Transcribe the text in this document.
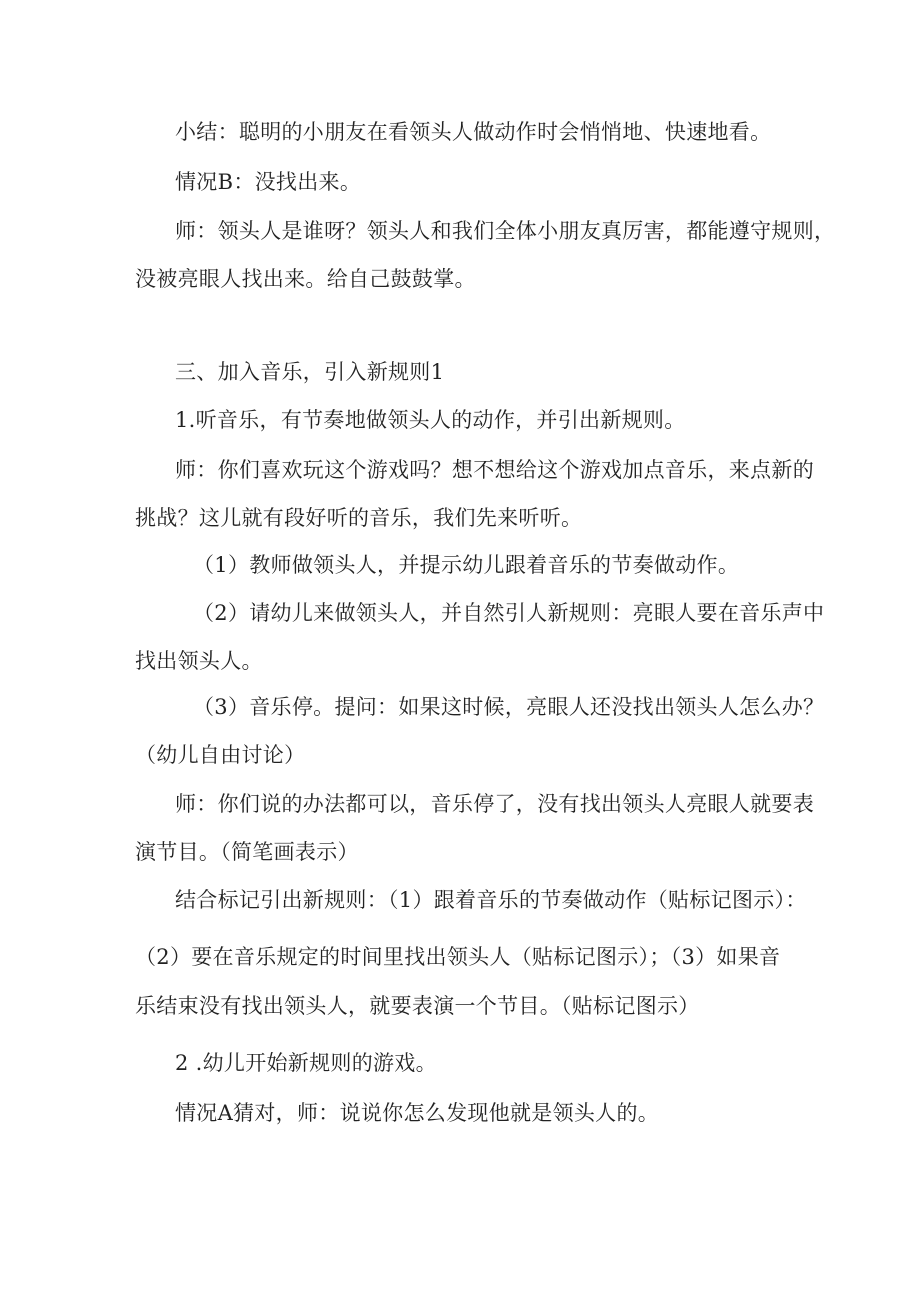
小结：聪明的小朋友在看领头人做动作时会悄悄地、快速地看。
情况B：没找出来。
师：领头人是谁呀？领头人和我们全体小朋友真厉害，都能遵守规则，
没被亮眼人找出来。给自己鼓鼓掌。
三、加入音乐，引入新规则1
1.听音乐，有节奏地做领头人的动作，并引出新规则。
师：你们喜欢玩这个游戏吗？想不想给这个游戏加点音乐，来点新的
挑战？这儿就有段好听的音乐，我们先来听听。
（1）教师做领头人，并提示幼儿跟着音乐的节奏做动作。
（2）请幼儿来做领头人，并自然引人新规则：亮眼人要在音乐声中
找出领头人。
（3）音乐停。提问：如果这时候，亮眼人还没找出领头人怎么办？
（幼儿自由讨论）
师：你们说的办法都可以，音乐停了，没有找出领头人亮眼人就要表
演节目。（简笔画表示）
结合标记引出新规则：（1）跟着音乐的节奏做动作（贴标记图示）：
（2）要在音乐规定的时间里找出领头人（贴标记图示）；（3）如果音
乐结束没有找出领头人，就要表演一个节目。（贴标记图示）
2 .幼儿开始新规则的游戏。
情况A猜对，师：说说你怎么发现他就是领头人的。
